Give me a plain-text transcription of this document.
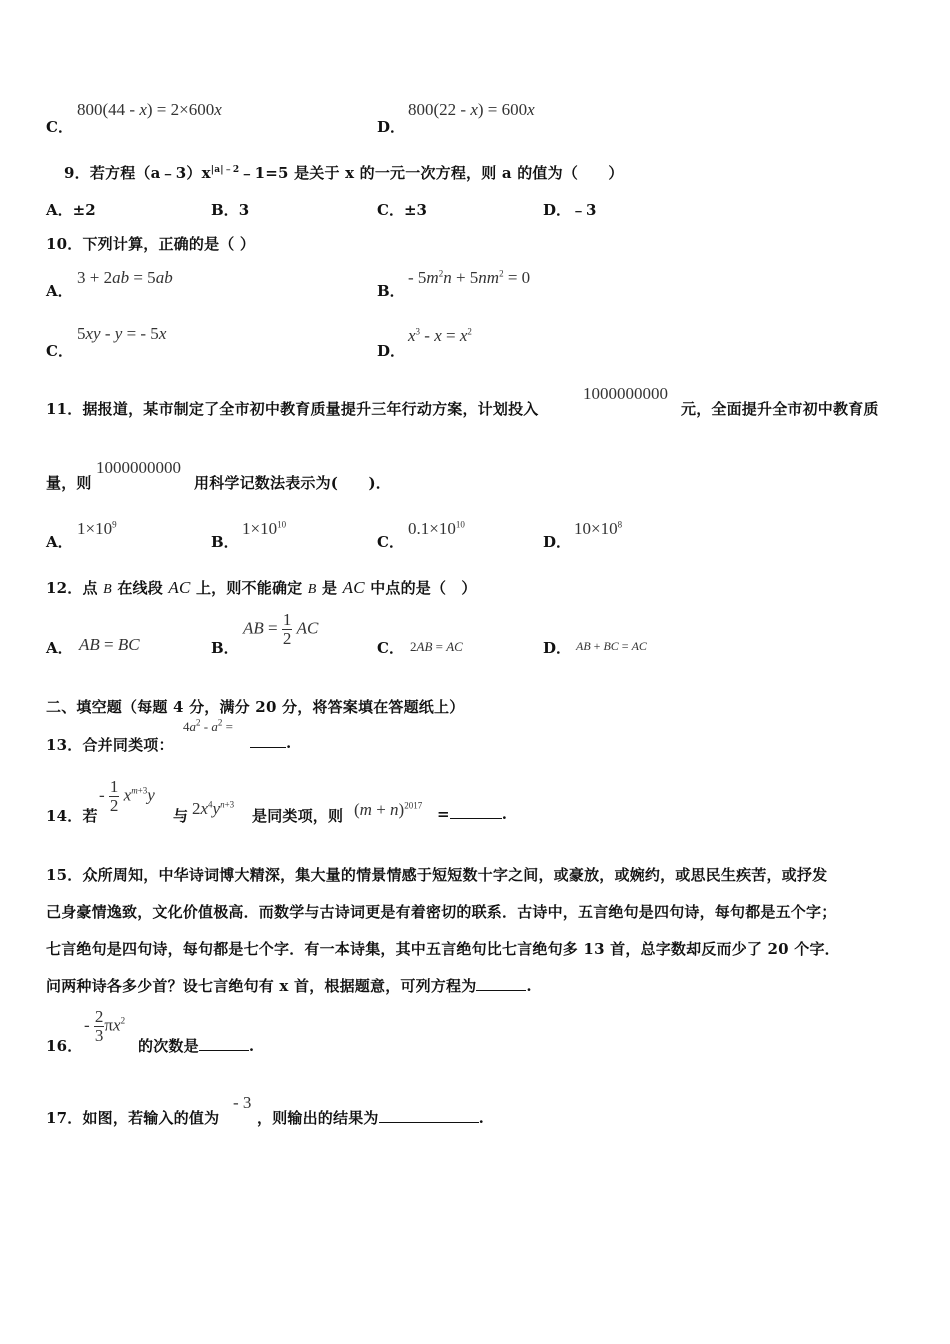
C．
800(44 - x) = 2×600x
D．
800(22 - x) = 600x
9．若方程$(a﹣3)x^{|a|﹣2}﹣1=5$ 是关于 x 的一元一次方程，则 a 的值为（　　）
A．±2	B．3	C．±3	D．﹣3
10．下列计算，正确的是（ ）
A．
3 + 2ab = 5ab
B．
- $5m^2n + 5nm^2 = 0$
C．
5xy - y = - 5x
D．
$x^3 - x = x^2$
11．据报道，某市制定了全市初中教育质量提升三年行动方案，计划投入
1000000000
元，全面提升全市初中教育质
量，则
1000000000
用科学记数法表示为(　　)．
A．
$1\times 10^9$
B．
$1\times 10^{10}$
C．
$0.1\times 10^{10}$
D．
$10\times 10^8$
12．点 B 在线段 AC 上，则不能确定 B 是 AC 中点的是（　）
A． AB = BC	B．
AB = $\frac{1}{2}$ AC
C． 2AB = AC	D． AB + BC = AC
二、填空题（每题 4 分，满分 20 分，将答案填在答题纸上）
13．合并同类项：
$4a^2 - a^2$ =
.
14．若
- $\frac{1}{2} x^{m+3}y$
与 $2x^4y^{n+3}$
是同类项，则 $(m + n)^{2017}$ =	.
15．众所周知，中华诗词博大精深，集大量的情景情感于短短数十字之间，或豪放，或婉约，或思民生疾苦，或抒发
己身豪情逸致，文化价值极高．而数学与古诗词更是有着密切的联系．古诗中，五言绝句是四句诗，每句都是五个字；
七言绝句是四句诗，每句都是七个字．有一本诗集，其中五言绝句比七言绝句多 13 首，总字数却反而少了 20 个字．
问两种诗各多少首？设七言绝句有 x 首，根据题意，可列方程为	.
16．
- $\frac{2}{3} \pi x^2$
的次数是	.
17．如图，若输入的值为
- 3
，则输出的结果为	.
